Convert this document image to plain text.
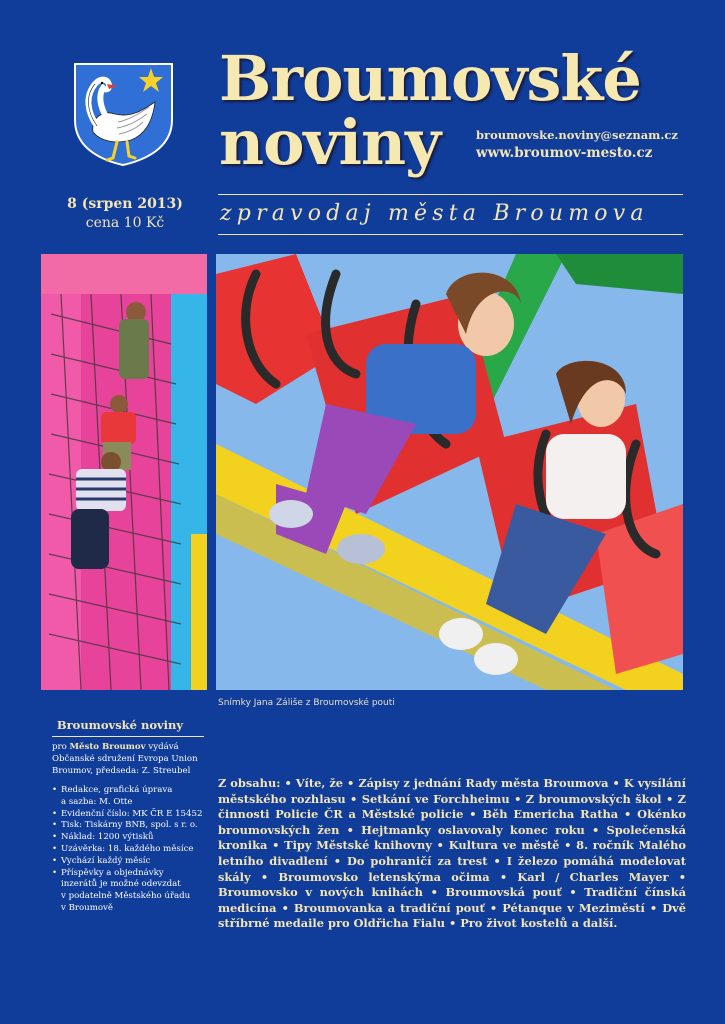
Broumovské
noviny	broumovske.noviny@seznam.cz
www.broumov-mesto.cz
8 (srpen 2013)
cena 10 Kč	zpravodaj města Broumova
Snímky Jana Záliše z Broumovské pouti
Broumovské noviny
pro Město Broumov vydává Občanské sdružení Evropa Union Broumov, předseda: Z. Streubel
• Redakce, grafická úprava
a sazba: M. Otte
• Evidenční číslo: MK ČR E 15452
• Tisk: Tiskárny BNB, spol. s r. o.
• Náklad: 1200 výtisků
• Uzávěrka: 18. každého měsíce
• Vychází každý měsíc
• Příspěvky a objednávky
inzerátů je možné odevzdat
v podatelně Městského úřadu
v Broumově
Z obsahu: • Víte, že • Zápisy z jednání Rady města Broumova • K vysílání městského rozhlasu • Setkání ve Forchheimu • Z broumovských škol • Z činnosti Policie ČR a Městské policie • Běh Emericha Ratha • Okénko broumovských žen • Hejtmanky oslavovaly konec roku • Společenská kronika • Tipy Městské knihovny • Kultura ve městě • 8. ročník Malého letního divadlení • Do pohraničí za trest • I železo pomáhá modelovat skály • Broumovsko letenskýma očima • Karl / Charles Mayer • Broumovsko v nových knihách • Broumovská pouť • Tradiční čínská medicína • Broumovanka a tradiční pouť • Pétanque v Meziměstí • Dvě stříbrné medaile pro Oldřicha Fialu • Pro život kostelů a další.
